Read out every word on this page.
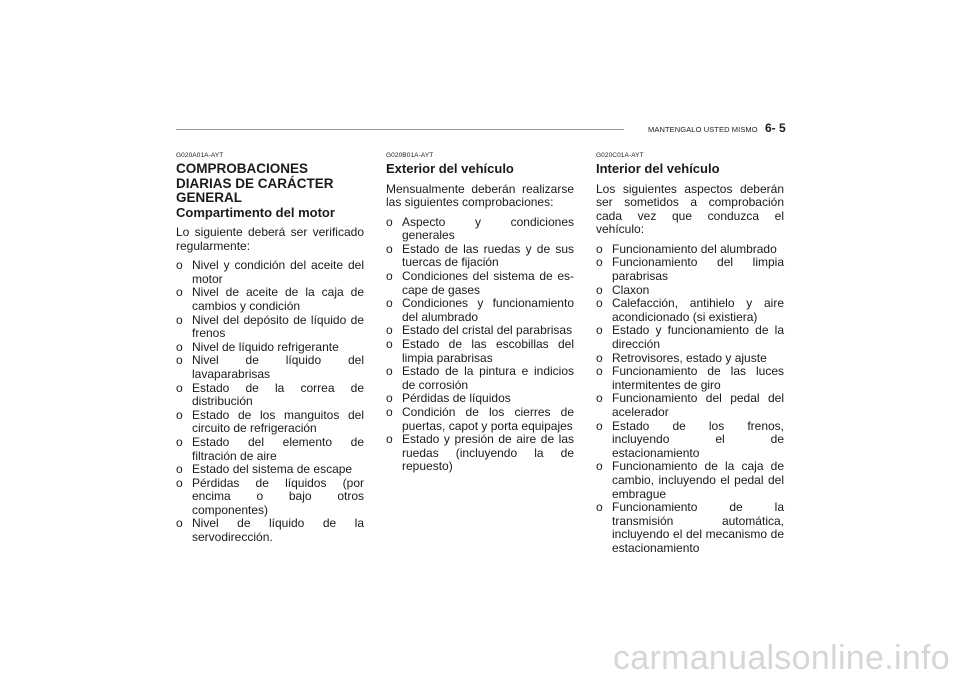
MANTENGALO USTED MISMO 6- 5

G020A01A-AYT

COMPROBACIONES DIARIAS DE CARÁCTER GENERAL
Compartimento del motor

Lo siguiente deberá ser verificado regularmente:

o Nivel y condición del aceite del motor
o Nivel de aceite de la caja de cambios y condición
o Nivel del depósito de líquido de frenos
o Nivel de líquido refrigerante
o Nivel de líquido del lavaparabrisas
o Estado de la correa de distribución
o Estado de los manguitos del circuito de refrigeración
o Estado del elemento de filtración de aire
o Estado del sistema de escape
o Pérdidas de líquidos (por encima o bajo otros componentes)
o Nivel de líquido de la servodirección.

G020B01A-AYT

Exterior del vehículo

Mensualmente deberán realizarse las siguientes comprobaciones:

o Aspecto y condiciones generales
o Estado de las ruedas y de sus tuercas de fijación
o Condiciones del sistema de es- cape de gases
o Condiciones y funcionamiento del alumbrado
o Estado del cristal del parabrisas
o Estado de las escobillas del limpia parabrisas
o Estado de la pintura e indicios de corrosión
o Pérdidas de líquidos
o Condición de los cierres de puertas, capot y porta equipajes
o Estado y presión de aire de las ruedas (incluyendo la de repuesto)

G020C01A-AYT

Interior del vehículo

Los siguientes aspectos deberán ser sometidos a comprobación cada vez que conduzca el vehículo:

o Funcionamiento del alumbrado
o Funcionamiento del limpia parabrisas
o Claxon
o Calefacción, antihielo y aire acondicionado (si existiera)
o Estado y funcionamiento de la dirección
o Retrovisores, estado y ajuste
o Funcionamiento de las luces intermitentes de giro
o Funcionamiento del pedal del acelerador
o Estado de los frenos, incluyendo el de estacionamiento
o Funcionamiento de la caja de cambio, incluyendo el pedal del embrague
o Funcionamiento de la transmisión automática, incluyendo el del mecanismo de estacionamiento
carmanualsonline.info
